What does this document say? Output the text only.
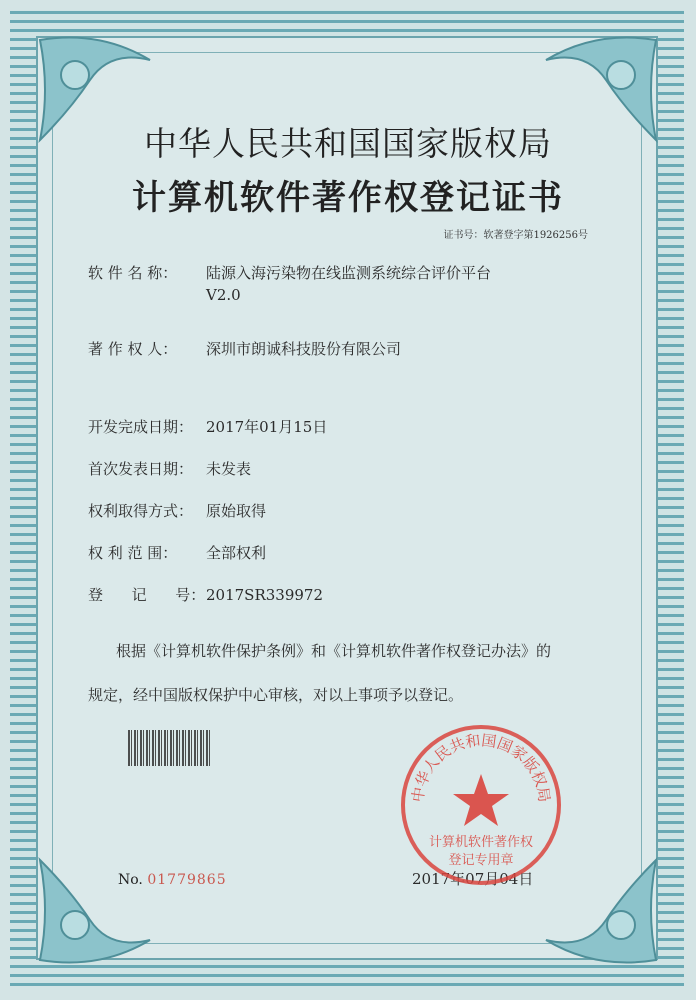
中华人民共和国国家版权局
计算机软件著作权登记证书
证书号：软著登字第1926256号
软 件 名 称： 陆源入海污染物在线监测系统综合评价平台
V2.0
著 作 权 人： 深圳市朗诚科技股份有限公司
开发完成日期： 2017年01月15日
首次发表日期： 未发表
权利取得方式： 原始取得
权 利 范 围： 全部权利
登      记      号：2017SR339972
根据《计算机软件保护条例》和《计算机软件著作权登记办法》的
规定，经中国版权保护中心审核，对以上事项予以登记。
No. 01779865	2017年07月04日
中华人民共和国国家版权局
计算机软件著作权
登记专用章
